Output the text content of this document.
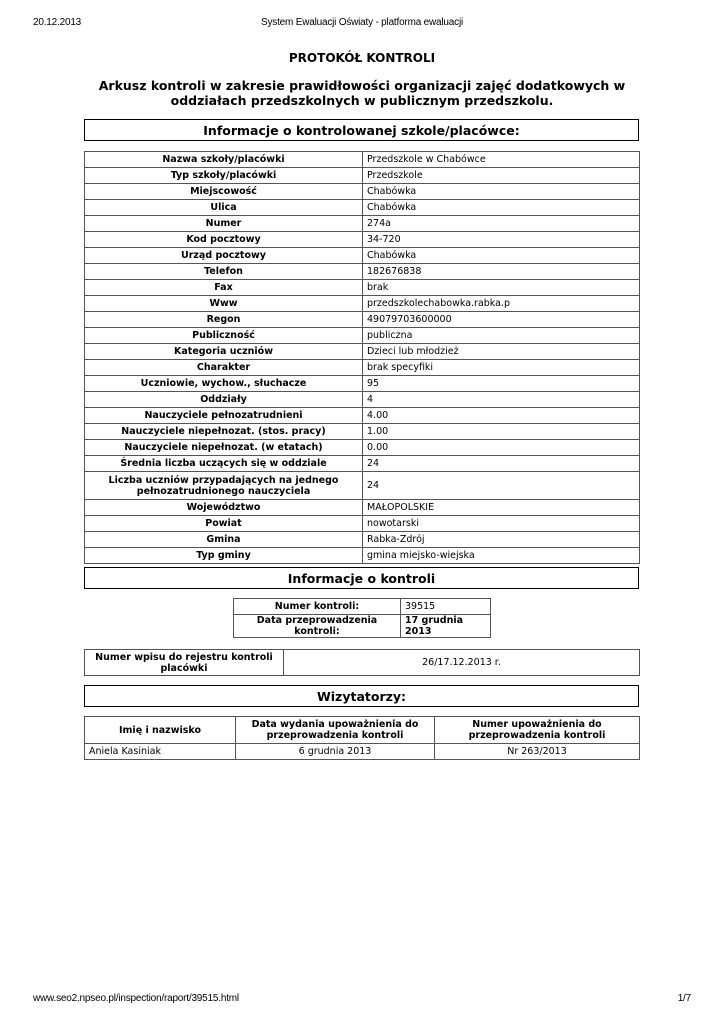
20.12.2013	System Ewaluacji Oświaty - platforma ewaluacji
PROTOKÓŁ KONTROLI
Arkusz kontroli w zakresie prawidłowości organizacji zajęć dodatkowych w oddziałach przedszkolnych w publicznym przedszkolu.
Informacje o kontrolowanej szkole/placówce:
Nazwa szkoły/placówki	Przedszkole w Chabówce
Typ szkoły/placówki	Przedszkole
Miejscowość	Chabówka
Ulica	Chabówka
Numer	274a
Kod pocztowy	34-720
Urząd pocztowy	Chabówka
Telefon	182676838
Fax	brak
Www	przedszkolechabowka.rabka.p
Regon	49079703600000
Publiczność	publiczna
Kategoria uczniów	Dzieci lub młodzież
Charakter	brak specyfiki
Uczniowie, wychow., słuchacze	95
Oddziały	4
Nauczyciele pełnozatrudnieni	4.00
Nauczyciele niepełnozat. (stos. pracy)	1.00
Nauczyciele niepełnozat. (w etatach)	0.00
Średnia liczba uczących się w oddziale	24
Liczba uczniów przypadających na jednego pełnozatrudnionego nauczyciela	24
Województwo	MAŁOPOLSKIE
Powiat	nowotarski
Gmina	Rabka-Zdrój
Typ gminy	gmina miejsko-wiejska
Informacje o kontroli
Numer kontroli:	39515
Data przeprowadzenia kontroli:	17 grudnia 2013
Numer wpisu do rejestru kontroli placówki	26/17.12.2013 r.
Wizytatorzy:
Imię i nazwisko	Data wydania upoważnienia do przeprowadzenia kontroli	Numer upoważnienia do przeprowadzenia kontroli
Aniela Kasiniak	6 grudnia 2013	Nr 263/2013
www.seo2.npseo.pl/inspection/raport/39515.html	1/7
